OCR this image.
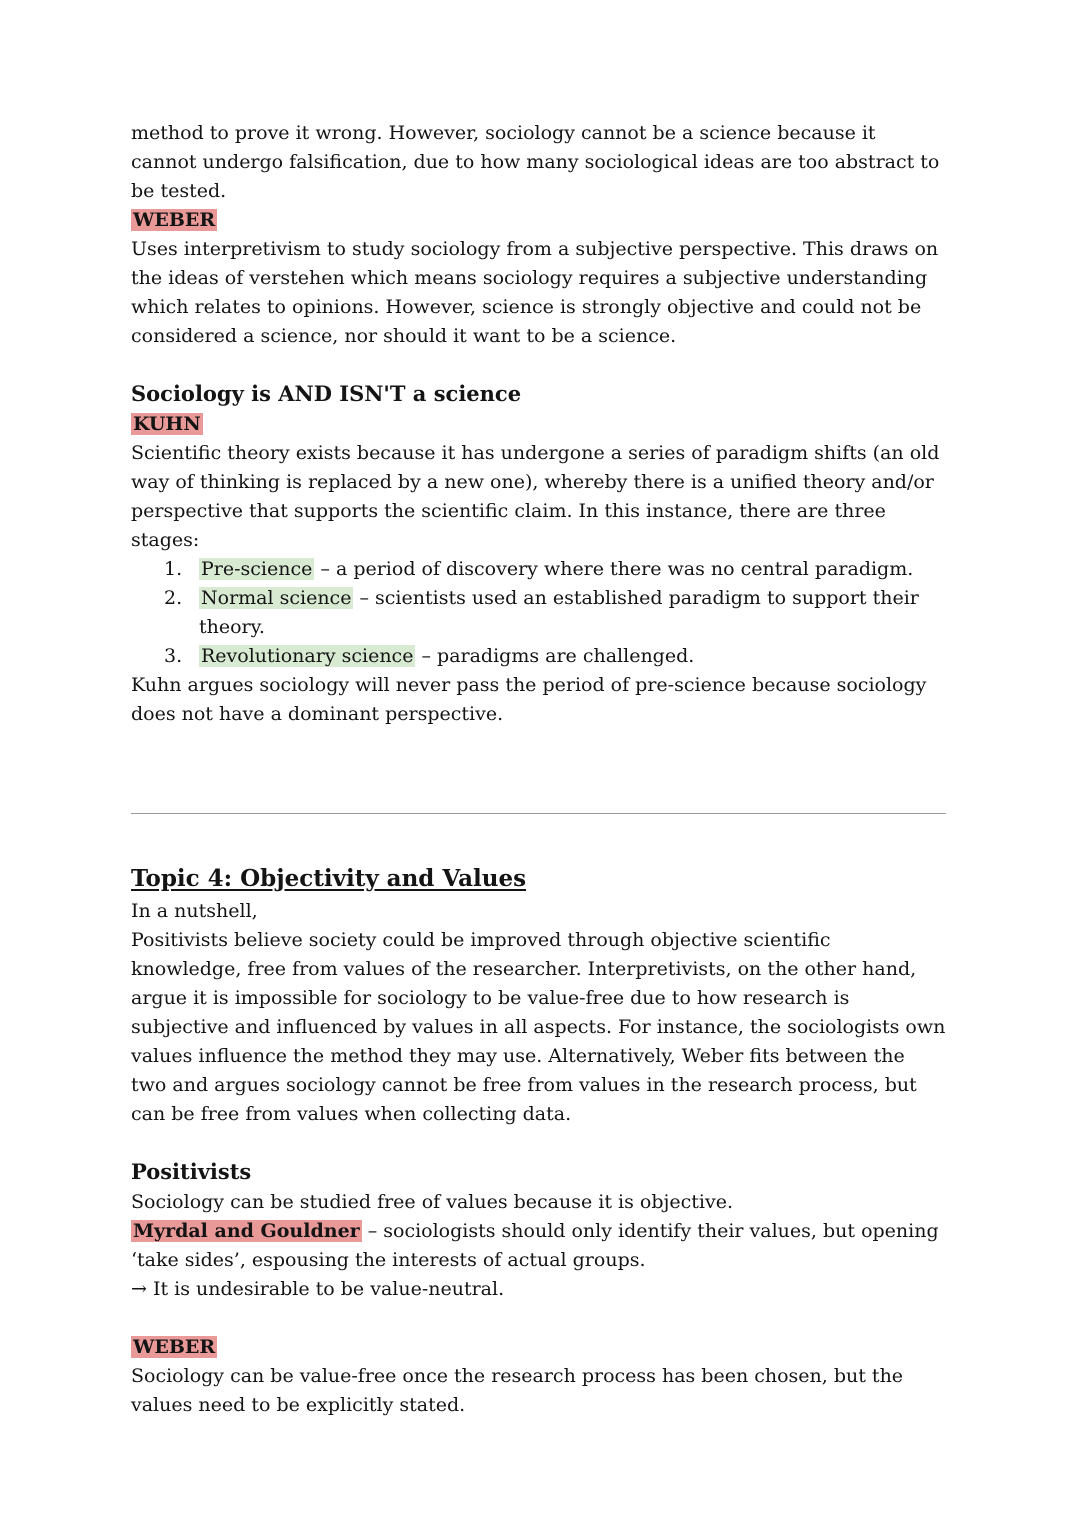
method to prove it wrong. However, sociology cannot be a science because it cannot undergo falsification, due to how many sociological ideas are too abstract to be tested.

WEBER

Uses interpretivism to study sociology from a subjective perspective. This draws on the ideas of verstehen which means sociology requires a subjective understanding which relates to opinions. However, science is strongly objective and could not be considered a science, nor should it want to be a science.

Sociology is AND ISN'T a science

KUHN

Scientific theory exists because it has undergone a series of paradigm shifts (an old way of thinking is replaced by a new one), whereby there is a unified theory and/or perspective that supports the scientific claim. In this instance, there are three stages:

1. Pre-science – a period of discovery where there was no central paradigm.
2. Normal science – scientists used an established paradigm to support their theory.
3. Revolutionary science – paradigms are challenged.

Kuhn argues sociology will never pass the period of pre-science because sociology does not have a dominant perspective.

Topic 4: Objectivity and Values

In a nutshell,

Positivists believe society could be improved through objective scientific knowledge, free from values of the researcher. Interpretivists, on the other hand, argue it is impossible for sociology to be value-free due to how research is subjective and influenced by values in all aspects. For instance, the sociologists own values influence the method they may use. Alternatively, Weber fits between the two and argues sociology cannot be free from values in the research process, but can be free from values when collecting data.

Positivists

Sociology can be studied free of values because it is objective.

Myrdal and Gouldner – sociologists should only identify their values, but opening ‘take sides’, espousing the interests of actual groups.

→ It is undesirable to be value-neutral.

WEBER

Sociology can be value-free once the research process has been chosen, but the values need to be explicitly stated.
